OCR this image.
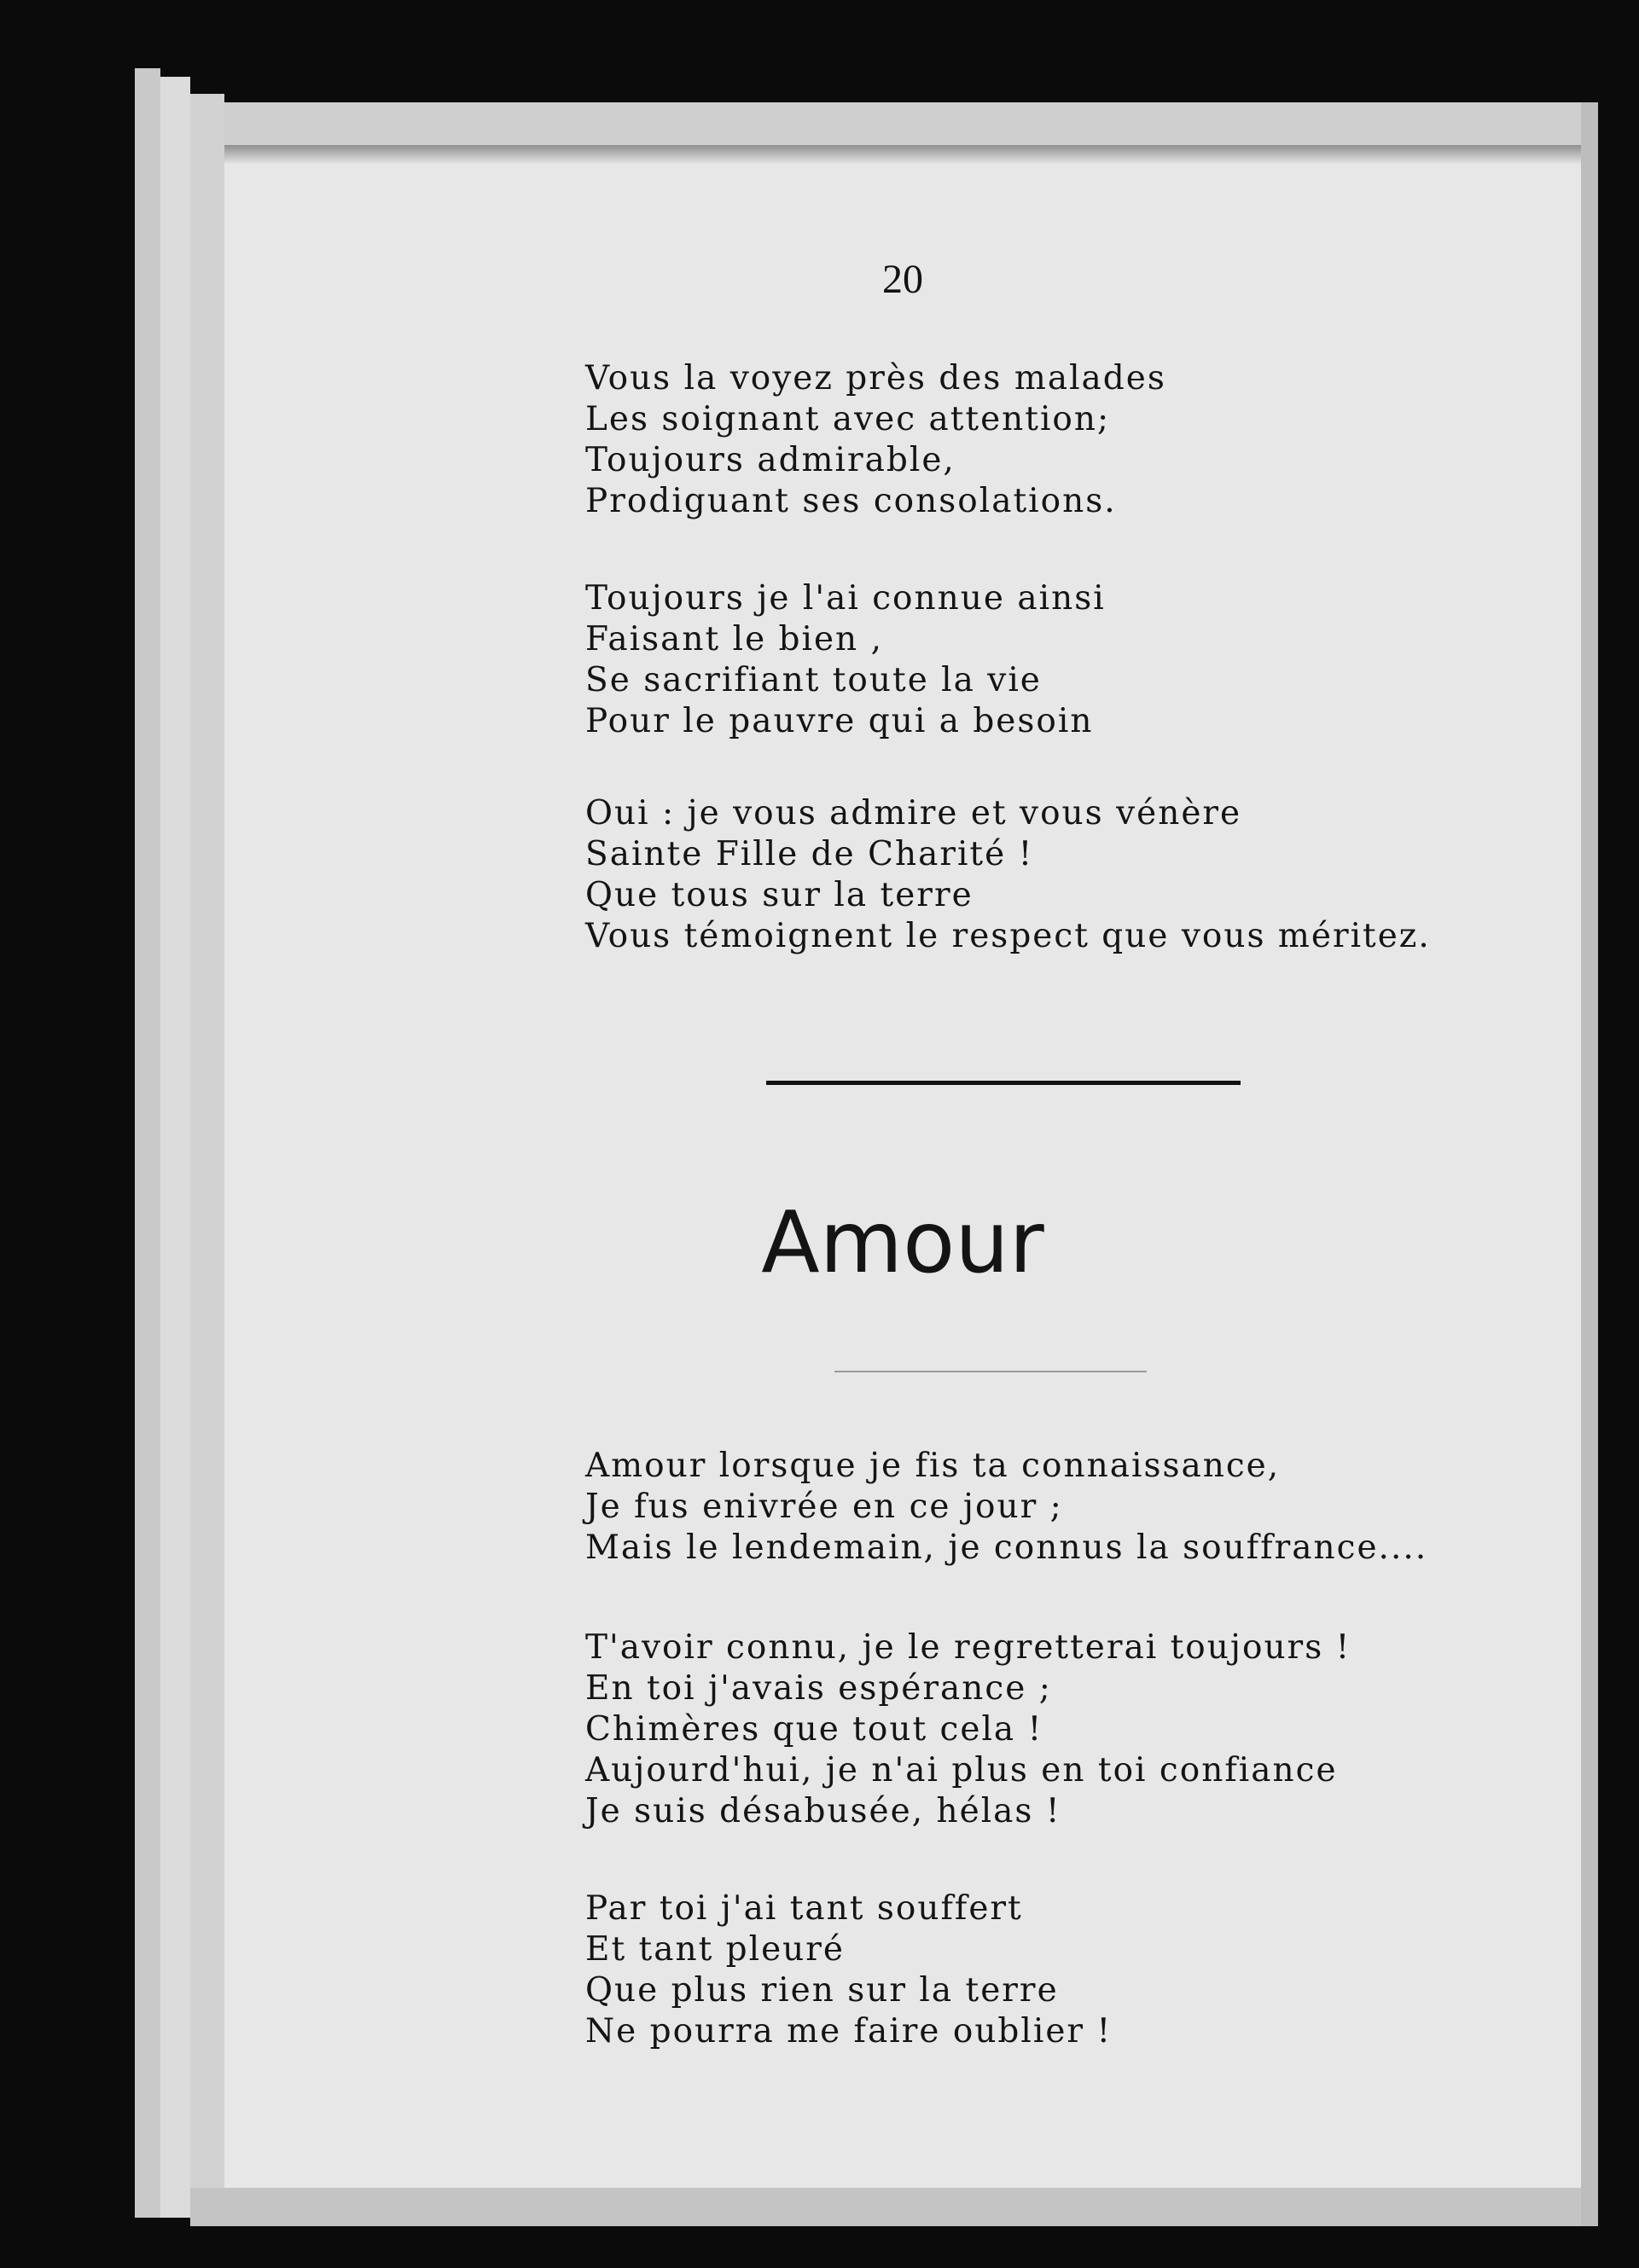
20

Vous la voyez près des malades
Les soignant avec attention;
Toujours admirable,
Prodiguant ses consolations.

Toujours je l'ai connue ainsi
Faisant le bien ,
Se sacrifiant toute la vie
Pour le pauvre qui a besoin

Oui : je vous admire et vous vénère
Sainte Fille de Charité !
Que tous sur la terre
Vous témoignent le respect que vous méritez.

Amour

Amour lorsque je fis ta connaissance,
Je fus enivrée en ce jour ;
Mais le lendemain, je connus la souffrance....

T'avoir connu, je le regretterai toujours !
En toi j'avais espérance ;
Chimères que tout cela !
Aujourd'hui, je n'ai plus en toi confiance
Je suis désabusée, hélas !

Par toi j'ai tant souffert
Et tant pleuré
Que plus rien sur la terre
Ne pourra me faire oublier !
